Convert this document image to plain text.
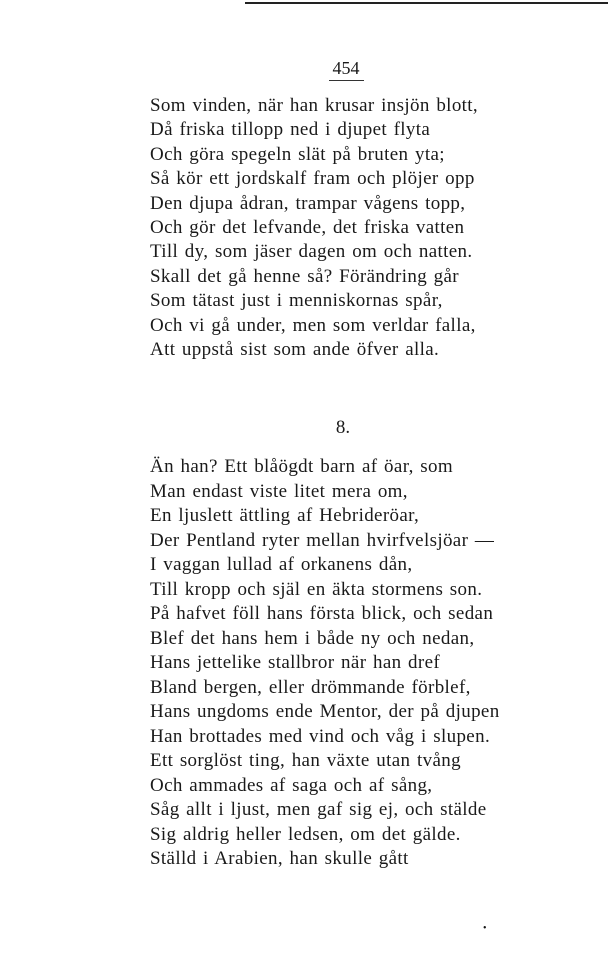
454
Som vinden, när han krusar insjön blott,
Då friska tillopp ned i djupet flyta
Och göra spegeln slät på bruten yta;
Så kör ett jordskalf fram och plöjer opp
Den djupa ådran, trampar vågens topp,
Och gör det lefvande, det friska vatten
Till dy, som jäser dagen om och natten.
Skall det gå henne så? Förändring går
Som tätast just i menniskornas spår,
Och vi gå under, men som verldar falla,
Att uppstå sist som ande öfver alla.
8.
Än han? Ett blåögdt barn af öar, som
Man endast viste litet mera om,
En ljuslett ättling af Hebrideröar,
Der Pentland ryter mellan hvirfvelsjöar —
I vaggan lullad af orkanens dån,
Till kropp och själ en äkta stormens son.
På hafvet föll hans första blick, och sedan
Blef det hans hem i både ny och nedan,
Hans jettelike stallbror när han dref
Bland bergen, eller drömmande förblef,
Hans ungdoms ende Mentor, der på djupen
Han brottades med vind och våg i slupen.
Ett sorglöst ting, han växte utan tvång
Och ammades af saga och af sång,
Såg allt i ljust, men gaf sig ej, och stälde
Sig aldrig heller ledsen, om det gälde.
Ställd i Arabien, han skulle gått
•
